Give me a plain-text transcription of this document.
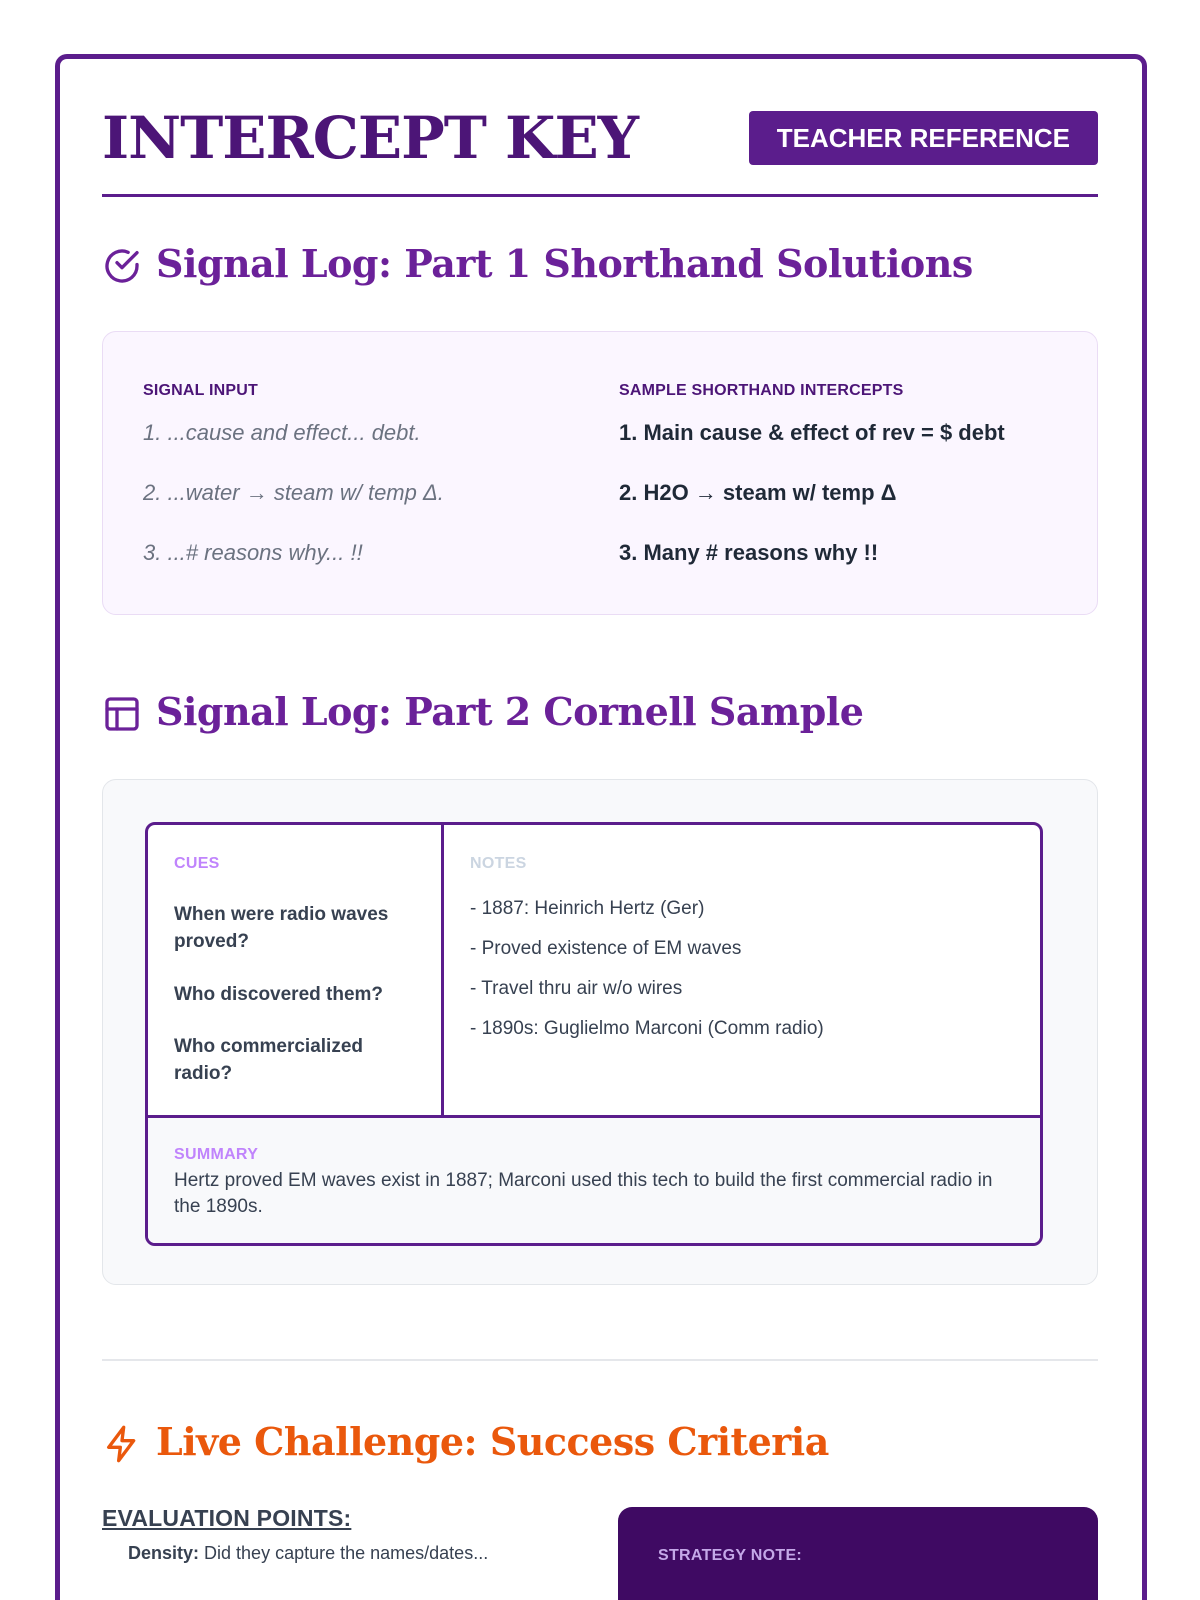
INTERCEPT KEY	TEACHER REFERENCE
Signal Log: Part 1 Shorthand Solutions
SIGNAL INPUT	SAMPLE SHORTHAND INTERCEPTS
1. ...cause and effect... debt.	1. Main cause & effect of rev = $ debt
2. ...water → steam w/ temp Δ.	2. H2O → steam w/ temp Δ
3. ...# reasons why... !!	3. Many # reasons why !!
Signal Log: Part 2 Cornell Sample
CUES
When were radio waves proved?
Who discovered them?
Who commercialized radio?
NOTES
- 1887: Heinrich Hertz (Ger)
- Proved existence of EM waves
- Travel thru air w/o wires
- 1890s: Guglielmo Marconi (Comm radio)
SUMMARY
Hertz proved EM waves exist in 1887; Marconi used this tech to build the first commercial radio in the 1890s.
Live Challenge: Success Criteria
EVALUATION POINTS:
Density: Did they capture the names/dates...	STRATEGY NOTE:
